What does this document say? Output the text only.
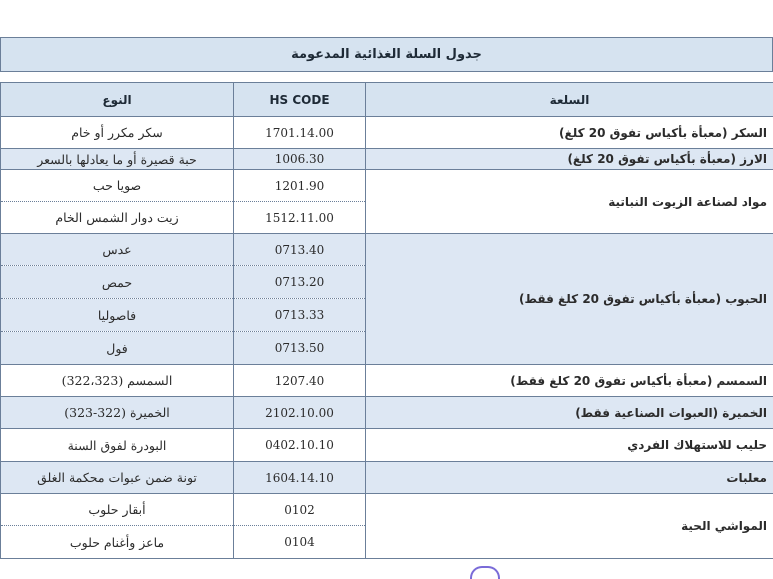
جدول السلة الغذائية المدعومة
النوع	HS CODE	السلعة
سكر مكرر أو خام	1701.14.00	السكر (معبأة بأكياس تفوق 20 كلغ)
حبة قصيرة أو ما يعادلها بالسعر	1006.30	الارز (معبأة بأكياس تفوق 20 كلغ)
صويا حب	1201.90	مواد لصناعة الزيوت النباتية
زيت دوار الشمس الخام	1512.11.00	
عدس	0713.40	الحبوب (معبأة بأكياس تفوق 20 كلغ فقط)
حمص	0713.20	
فاصوليا	0713.33	
فول	0713.50	
السمسم (322،323)	1207.40	السمسم (معبأة بأكياس تفوق 20 كلغ فقط)
الخميرة (322-323)	2102.10.00	الخميرة (العبوات الصناعية فقط)
البودرة لفوق السنة	0402.10.10	حليب للاستهلاك الفردي
تونة ضمن عبوات محكمة الغلق	1604.14.10	معلبات
أبقار حلوب	0102	المواشي الحية
ماعز وأغنام حلوب	0104	
